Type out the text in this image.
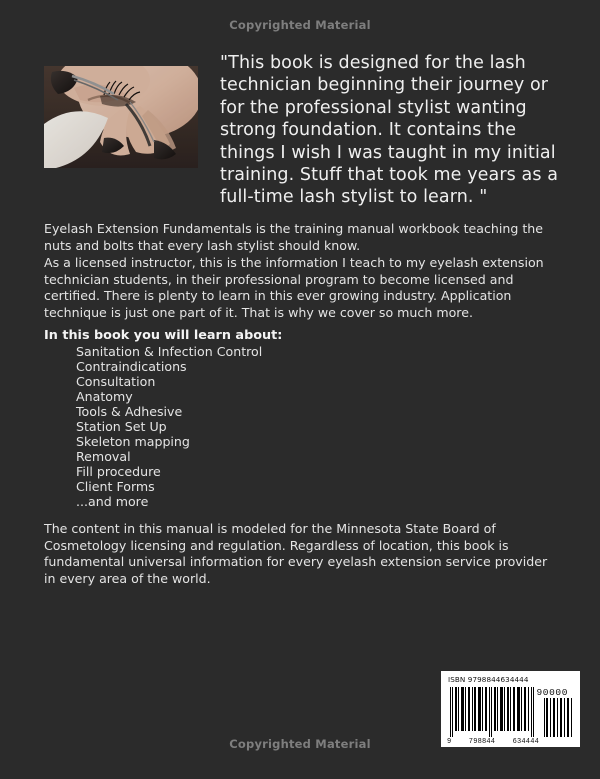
Copyrighted Material
"This book is designed for the lash technician beginning their journey or for the professional stylist wanting strong foundation. It contains the things I wish I was taught in my initial training. Stuff that took me years as a full-time lash stylist to learn. "

Eyelash Extension Fundamentals is the training manual workbook teaching the nuts and bolts that every lash stylist should know.

As a licensed instructor, this is the information I teach to my eyelash extension technician students, in their professional program to become licensed and certified. There is plenty to learn in this ever growing industry. Application technique is just one part of it. That is why we cover so much more.

In this book you will learn about:
Sanitation & Infection Control
Contraindications
Consultation
Anatomy
Tools & Adhesive
Station Set Up
Skeleton mapping
Removal
Fill procedure
Client Forms
...and more

The content in this manual is modeled for the Minnesota State Board of Cosmetology licensing and regulation. Regardless of location, this book is fundamental universal information for every eyelash extension service provider in every area of the world.

ISBN 9798844634444
90000
9 798844 634444
Copyrighted Material
